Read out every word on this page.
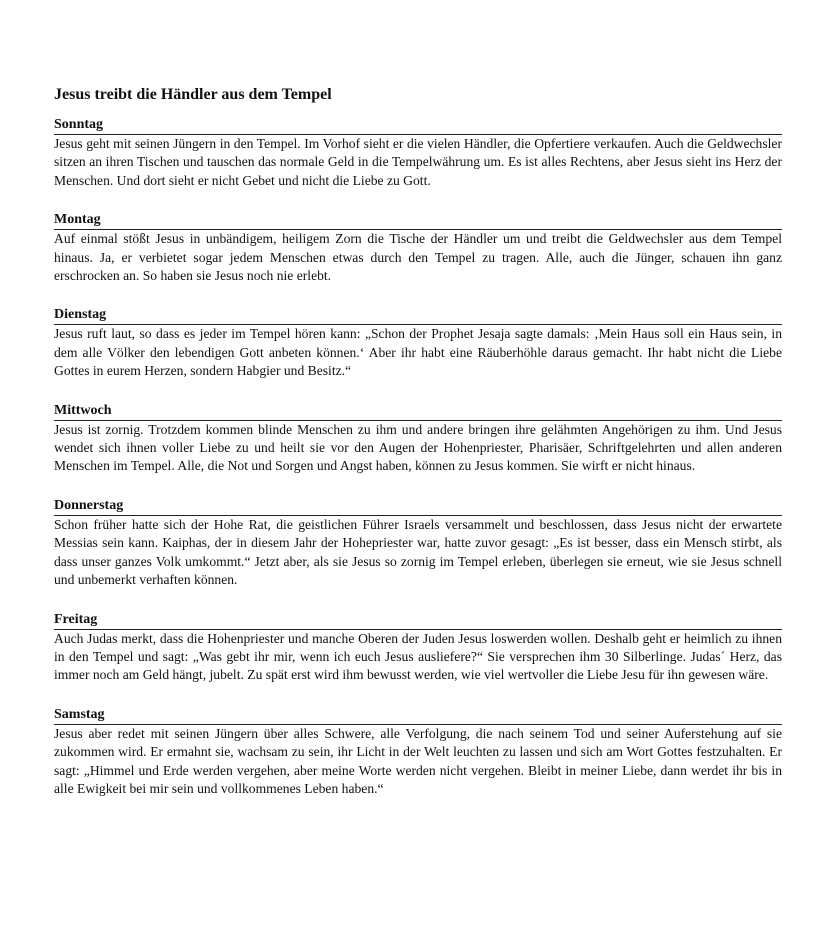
Jesus treibt die Händler aus dem Tempel
Sonntag

Jesus geht mit seinen Jüngern in den Tempel. Im Vorhof sieht er die vielen Händler, die Opfertiere verkaufen. Auch die Geldwechsler sitzen an ihren Tischen und tauschen das normale Geld in die Tempelwährung um. Es ist alles Rechtens, aber Jesus sieht ins Herz der Menschen. Und dort sieht er nicht Gebet und nicht die Liebe zu Gott.

Montag

Auf einmal stößt Jesus in unbändigem, heiligem Zorn die Tische der Händler um und treibt die Geldwechsler aus dem Tempel hinaus. Ja, er verbietet sogar jedem Menschen etwas durch den Tempel zu tragen. Alle, auch die Jünger, schauen ihn ganz erschrocken an. So haben sie Jesus noch nie erlebt.

Dienstag

Jesus ruft laut, so dass es jeder im Tempel hören kann: „Schon der Prophet Jesaja sagte damals: ‚Mein Haus soll ein Haus sein, in dem alle Völker den lebendigen Gott anbeten können.‘ Aber ihr habt eine Räuberhöhle daraus gemacht. Ihr habt nicht die Liebe Gottes in eurem Herzen, sondern Habgier und Besitz.“

Mittwoch

Jesus ist zornig. Trotzdem kommen blinde Menschen zu ihm und andere bringen ihre gelähmten Angehörigen zu ihm. Und Jesus wendet sich ihnen voller Liebe zu und heilt sie vor den Augen der Hohenpriester, Pharisäer, Schriftgelehrten und allen anderen Menschen im Tempel. Alle, die Not und Sorgen und Angst haben, können zu Jesus kommen. Sie wirft er nicht hinaus.

Donnerstag

Schon früher hatte sich der Hohe Rat, die geistlichen Führer Israels versammelt und beschlossen, dass Jesus nicht der erwartete Messias sein kann. Kaiphas, der in diesem Jahr der Hohepriester war, hatte zuvor gesagt: „Es ist besser, dass ein Mensch stirbt, als dass unser ganzes Volk umkommt.“ Jetzt aber, als sie Jesus so zornig im Tempel erleben, überlegen sie erneut, wie sie Jesus schnell und unbemerkt verhaften können.

Freitag

Auch Judas merkt, dass die Hohenpriester und manche Oberen der Juden Jesus loswerden wollen. Deshalb geht er heimlich zu ihnen in den Tempel und sagt: „Was gebt ihr mir, wenn ich euch Jesus ausliefere?“ Sie versprechen ihm 30 Silberlinge. Judas´ Herz, das immer noch am Geld hängt, jubelt. Zu spät erst wird ihm bewusst werden, wie viel wertvoller die Liebe Jesu für ihn gewesen wäre.

Samstag

Jesus aber redet mit seinen Jüngern über alles Schwere, alle Verfolgung, die nach seinem Tod und seiner Auferstehung auf sie zukommen wird. Er ermahnt sie, wachsam zu sein, ihr Licht in der Welt leuchten zu lassen und sich am Wort Gottes festzuhalten. Er sagt: „Himmel und Erde werden vergehen, aber meine Worte werden nicht vergehen. Bleibt in meiner Liebe, dann werdet ihr bis in alle Ewigkeit bei mir sein und vollkommenes Leben haben.“
